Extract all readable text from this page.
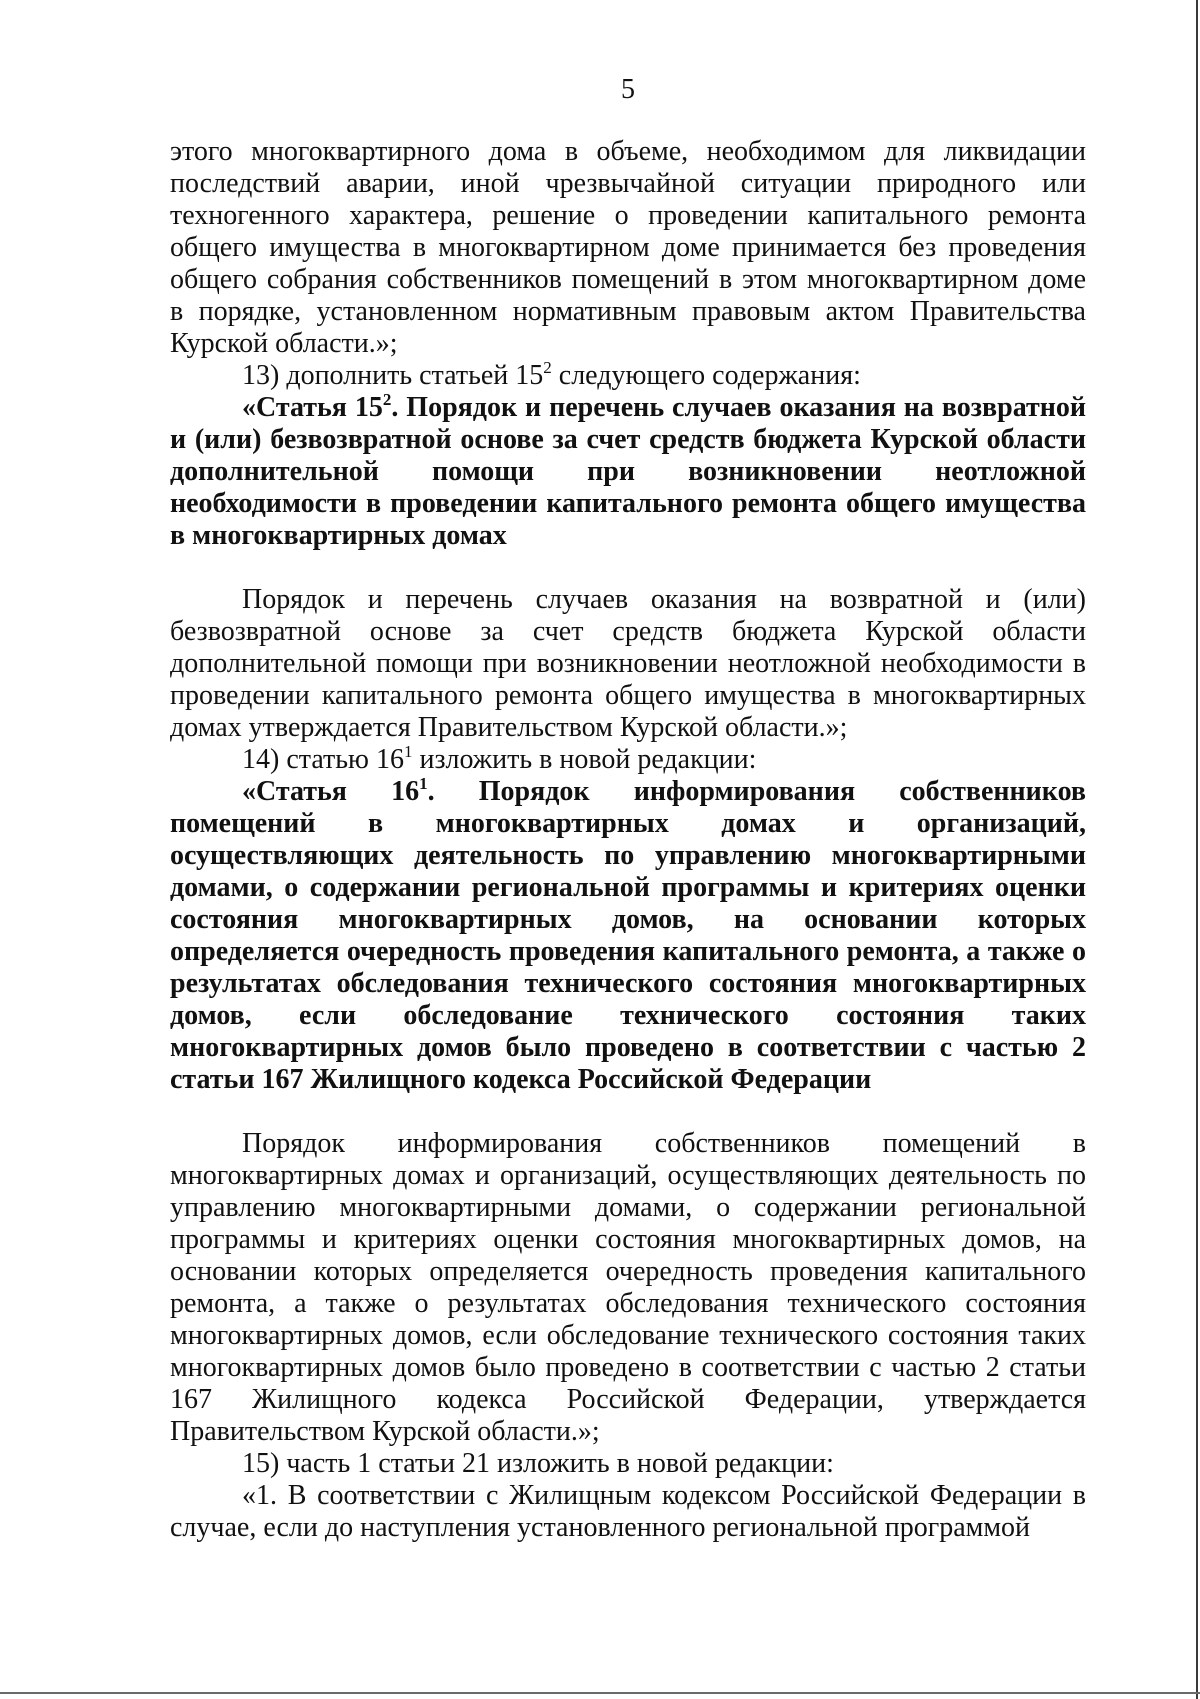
5

этого многоквартирного дома в объеме, необходимом для ликвидации последствий аварии, иной чрезвычайной ситуации природного или техногенного характера, решение о проведении капитального ремонта общего имущества в многоквартирном доме принимается без проведения общего собрания собственников помещений в этом многоквартирном доме в порядке, установленном нормативным правовым актом Правительства Курской области.»;

13) дополнить статьей $15^2$ следующего содержания:

«Статья $15^2$. Порядок и перечень случаев оказания на возвратной и (или) безвозвратной основе за счет средств бюджета Курской области дополнительной помощи при возникновении неотложной необходимости в проведении капитального ремонта общего имущества в многоквартирных домах

Порядок и перечень случаев оказания на возвратной и (или) безвозвратной основе за счет средств бюджета Курской области дополнительной помощи при возникновении неотложной необходимости в проведении капитального ремонта общего имущества в многоквартирных домах утверждается Правительством Курской области.»;

14) статью $16^1$ изложить в новой редакции:

«Статья $16^1$. Порядок информирования собственников помещений в многоквартирных домах и организаций, осуществляющих деятельность по управлению многоквартирными домами, о содержании региональной программы и критериях оценки состояния многоквартирных домов, на основании которых определяется очередность проведения капитального ремонта, а также о результатах обследования технического состояния многоквартирных домов, если обследование технического состояния таких многоквартирных домов было проведено в соответствии с частью 2 статьи 167 Жилищного кодекса Российской Федерации

Порядок информирования собственников помещений в многоквартирных домах и организаций, осуществляющих деятельность по управлению многоквартирными домами, о содержании региональной программы и критериях оценки состояния многоквартирных домов, на основании которых определяется очередность проведения капитального ремонта, а также о результатах обследования технического состояния многоквартирных домов, если обследование технического состояния таких многоквартирных домов было проведено в соответствии с частью 2 статьи 167 Жилищного кодекса Российской Федерации, утверждается Правительством Курской области.»;

15) часть 1 статьи 21 изложить в новой редакции:

«1. В соответствии с Жилищным кодексом Российской Федерации в случае, если до наступления установленного региональной программой
